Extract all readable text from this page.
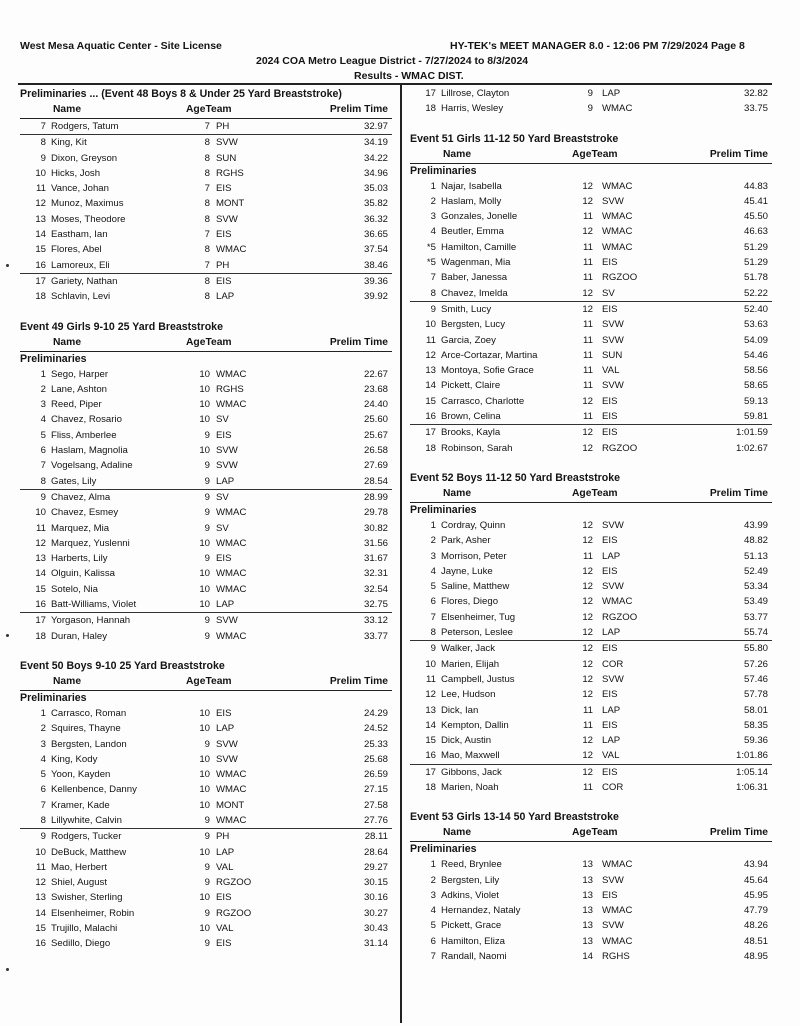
West Mesa Aquatic Center - Site License	HY-TEK's MEET MANAGER 8.0 - 12:06 PM 7/29/2024 Page 8
2024 COA Metro League District - 7/27/2024 to 8/3/2024
Results - WMAC DIST.
Preliminaries ... (Event 48 Boys 8 & Under 25 Yard Breaststroke)
Name	AgeTeam	Prelim Time
7 Rodgers, Tatum	7 PH	32.97
8 King, Kit	8 SVW	34.19
9 Dixon, Greyson	8 SUN	34.22
10 Hicks, Josh	8 RGHS	34.96
11 Vance, Johan	7 EIS	35.03
12 Munoz, Maximus	8 MONT	35.82
13 Moses, Theodore	8 SVW	36.32
14 Eastham, Ian	7 EIS	36.65
15 Flores, Abel	8 WMAC	37.54
16 Lamoreux, Eli	7 PH	38.46
17 Gariety, Nathan	8 EIS	39.36
18 Schlavin, Levi	8 LAP	39.92
Event 49 Girls 9-10 25 Yard Breaststroke
Name	AgeTeam	Prelim Time
Preliminaries
1 Sego, Harper	10 WMAC	22.67
2 Lane, Ashton	10 RGHS	23.68
3 Reed, Piper	10 WMAC	24.40
4 Chavez, Rosario	10 SV	25.60
5 Fliss, Amberlee	9 EIS	25.67
6 Haslam, Magnolia	10 SVW	26.58
7 Vogelsang, Adaline	9 SVW	27.69
8 Gates, Lily	9 LAP	28.54
9 Chavez, Alma	9 SV	28.99
10 Chavez, Esmey	9 WMAC	29.78
11 Marquez, Mia	9 SV	30.82
12 Marquez, Yuslenni	10 WMAC	31.56
13 Harberts, Lily	9 EIS	31.67
14 Olguin, Kalissa	10 WMAC	32.31
15 Sotelo, Nia	10 WMAC	32.54
16 Batt-Williams, Violet	10 LAP	32.75
17 Yorgason, Hannah	9 SVW	33.12
18 Duran, Haley	9 WMAC	33.77
Event 50 Boys 9-10 25 Yard Breaststroke
Name	AgeTeam	Prelim Time
Preliminaries
1 Carrasco, Roman	10 EIS	24.29
2 Squires, Thayne	10 LAP	24.52
3 Bergsten, Landon	9 SVW	25.33
4 King, Kody	10 SVW	25.68
5 Yoon, Kayden	10 WMAC	26.59
6 Kellenbence, Danny	10 WMAC	27.15
7 Kramer, Kade	10 MONT	27.58
8 Lillywhite, Calvin	9 WMAC	27.76
9 Rodgers, Tucker	9 PH	28.11
10 DeBuck, Matthew	10 LAP	28.64
11 Mao, Herbert	9 VAL	29.27
12 Shiel, August	9 RGZOO	30.15
13 Swisher, Sterling	10 EIS	30.16
14 Elsenheimer, Robin	9 RGZOO	30.27
15 Trujillo, Malachi	10 VAL	30.43
16 Sedillo, Diego	9 EIS	31.14
17 Lillrose, Clayton	9 LAP	32.82
18 Harris, Wesley	9 WMAC	33.75
Event 51 Girls 11-12 50 Yard Breaststroke
Name	AgeTeam	Prelim Time
Preliminaries
1 Najar, Isabella	12 WMAC	44.83
2 Haslam, Molly	12 SVW	45.41
3 Gonzales, Jonelle	11 WMAC	45.50
4 Beutler, Emma	12 WMAC	46.63
*5 Hamilton, Camille	11 WMAC	51.29
*5 Wagenman, Mia	11 EIS	51.29
7 Baber, Janessa	11 RGZOO	51.78
8 Chavez, Imelda	12 SV	52.22
9 Smith, Lucy	12 EIS	52.40
10 Bergsten, Lucy	11 SVW	53.63
11 Garcia, Zoey	11 SVW	54.09
12 Arce-Cortazar, Martina	11 SUN	54.46
13 Montoya, Sofie Grace	11 VAL	58.56
14 Pickett, Claire	11 SVW	58.65
15 Carrasco, Charlotte	12 EIS	59.13
16 Brown, Celina	11 EIS	59.81
17 Brooks, Kayla	12 EIS	1:01.59
18 Robinson, Sarah	12 RGZOO	1:02.67
Event 52 Boys 11-12 50 Yard Breaststroke
Name	AgeTeam	Prelim Time
Preliminaries
1 Cordray, Quinn	12 SVW	43.99
2 Park, Asher	12 EIS	48.82
3 Morrison, Peter	11 LAP	51.13
4 Jayne, Luke	12 EIS	52.49
5 Saline, Matthew	12 SVW	53.34
6 Flores, Diego	12 WMAC	53.49
7 Elsenheimer, Tug	12 RGZOO	53.77
8 Peterson, Leslee	12 LAP	55.74
9 Walker, Jack	12 EIS	55.80
10 Marien, Elijah	12 COR	57.26
11 Campbell, Justus	12 SVW	57.46
12 Lee, Hudson	12 EIS	57.78
13 Dick, Ian	11 LAP	58.01
14 Kempton, Dallin	11 EIS	58.35
15 Dick, Austin	12 LAP	59.36
16 Mao, Maxwell	12 VAL	1:01.86
17 Gibbons, Jack	12 EIS	1:05.14
18 Marien, Noah	11 COR	1:06.31
Event 53 Girls 13-14 50 Yard Breaststroke
Name	AgeTeam	Prelim Time
Preliminaries
1 Reed, Brynlee	13 WMAC	43.94
2 Bergsten, Lily	13 SVW	45.64
3 Adkins, Violet	13 EIS	45.95
4 Hernandez, Nataly	13 WMAC	47.79
5 Pickett, Grace	13 SVW	48.26
6 Hamilton, Eliza	13 WMAC	48.51
7 Randall, Naomi	14 RGHS	48.95
